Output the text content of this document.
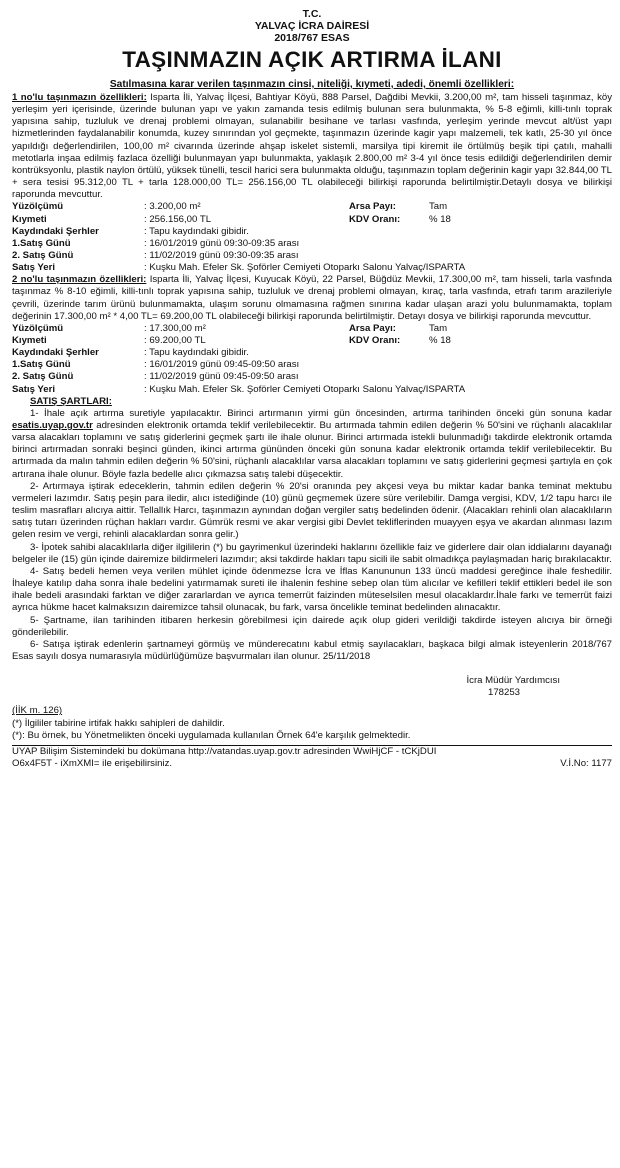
T.C.
YALVAÇ İCRA DAİRESİ
2018/767 ESAS
TAŞINMAZIN AÇIK ARTIRMA İLANI
Satılmasına karar verilen taşınmazın cinsi, niteliği, kıymeti, adedi, önemli özellikleri:

1 no'lu taşınmazın özellikleri: Isparta İli, Yalvaç İlçesi, Bahtiyar Köyü, 888 Parsel, Dağdibi Mevkii, 3.200,00 m², tam hisseli taşınmaz, köy yerleşim yeri içerisinde, üzerinde bulunan yapı ve yakın zamanda tesis edilmiş bulunan sera bulunmakta, % 5-8 eğimli, killi-tınlı toprak yapısına sahip, tuzluluk ve drenaj problemi olmayan, sulanabilir besihane ve tarlası vasfında, yerleşim yerinde mevcut alt/üst yapı hizmetlerinden faydalanabilir konumda, kuzey sınırından yol geçmekte, taşınmazın üzerinde kagir yapı malzemeli, tek katlı, 25-30 yıl önce yapıldığı değerlendirilen, 100,00 m² civarında üzerinde ahşap iskelet sistemli, marsilya tipi kiremit ile örtülmüş beşik tipi çatılı, mahalli metotlarla inşaa edilmiş fazlaca özelliği bulunmayan yapı bulunmakta, yaklaşık 2.800,00 m² 3-4 yıl önce tesis edildiği değerlendirilen demir kontrüksyonlu, plastik naylon örtülü, yüksek tünelli, tescil harici sera bulunmakta olduğu, taşınmazın toplam değerinin kagir yapı 32.844,00 TL + sera tesisi 95.312,00 TL + tarla 128.000,00 TL= 256.156,00 TL olabileceği bilirkişi raporunda belirtilmiştir.Detaylı dosya ve bilirkişi raporunda mevcuttur.

Yüzölçümü	: 3.200,00 m²	Arsa Payı:	Tam
Kıymeti	: 256.156,00 TL	KDV Oranı:	% 18
Kaydındaki Şerhler	: Tapu kaydındaki gibidir.
1.Satış Günü	: 16/01/2019 günü 09:30-09:35 arası
2. Satış Günü	: 11/02/2019 günü 09:30-09:35 arası
Satış Yeri	: Kuşku Mah. Efeler Sk. Şoförler Cemiyeti Otoparkı Salonu Yalvaç/ISPARTA

2 no'lu taşınmazın özellikleri: Isparta İli, Yalvaç İlçesi, Kuyucak Köyü, 22 Parsel, Büğdüz Mevkii, 17.300,00 m², tam hisseli, tarla vasfında taşınmaz % 8-10 eğimli, killi-tınlı toprak yapısına sahip, tuzluluk ve drenaj problemi olmayan, kıraç, tarla vasfında, etrafı tarım arazileriyle çevrili, üzerinde tarım ürünü bulunmamakta, ulaşım sorunu olmamasına rağmen sınırına kadar ulaşan arazi yolu bulunmamakta, toplam değerinin 17.300,00 m² * 4,00 TL= 69.200,00 TL olabileceği bilirkişi raporunda belirtilmiştir. Detayı dosya ve bilirkişi raporunda mevcuttur.

Yüzölçümü	: 17.300,00 m²	Arsa Payı:	Tam
Kıymeti	: 69.200,00 TL	KDV Oranı:	% 18
Kaydındaki Şerhler	: Tapu kaydındaki gibidir.
1.Satış Günü	: 16/01/2019 günü 09:45-09:50 arası
2. Satış Günü	: 11/02/2019 günü 09:45-09:50 arası
Satış Yeri	: Kuşku Mah. Efeler Sk. Şoförler Cemiyeti Otoparkı Salonu Yalvaç/ISPARTA
SATIŞ ŞARTLARI:

1- İhale açık artırma suretiyle yapılacaktır. Birinci artırmanın yirmi gün öncesinden, artırma tarihinden önceki gün sonuna kadar esatis.uyap.gov.tr adresinden elektronik ortamda teklif verilebilecektir. Bu artırmada tahmin edilen değerin % 50'sini ve rüçhanlı alacaklılar varsa alacakları toplamını ve satış giderlerini geçmek şartı ile ihale olunur. Birinci artırmada istekli bulunmadığı takdirde elektronik ortamda birinci artırmadan sonraki beşinci günden, ikinci artırma gününden önceki gün sonuna kadar elektronik ortamda teklif verilebilecektir. Bu artırmada da malın tahmin edilen değerin % 50'sini, rüçhanlı alacaklılar varsa alacakları toplamını ve satış giderlerini geçmesi şartıyla en çok artırana ihale olunur. Böyle fazla bedelle alıcı çıkmazsa satış talebi düşecektir.

2- Artırmaya iştirak edeceklerin, tahmin edilen değerin % 20'si oranında pey akçesi veya bu miktar kadar banka teminat mektubu vermeleri lazımdır. Satış peşin para iledir, alıcı istediğinde (10) günü geçmemek üzere süre verilebilir. Damga vergisi, KDV, 1/2 tapu harcı ile teslim masrafları alıcıya aittir. Tellallık Harcı, taşınmazın aynından doğan vergiler satış bedelinden ödenir. (Alacakları rehinli olan alacaklıların satış tutarı üzerinden rüçhan hakları vardır. Gümrük resmi ve akar vergisi gibi Devlet tekliflerinden muayyen eşya ve akardan alınması lazım gelen resim ve vergi, rehinli alacaklardan sonra gelir.)

3- İpotek sahibi alacaklılarla diğer ilgililerin (*) bu gayrimenkul üzerindeki haklarını özellikle faiz ve giderlere dair olan iddialarını dayanağı belgeler ile (15) gün içinde dairemize bildirmeleri lazımdır; aksi takdirde hakları tapu sicili ile sabit olmadıkça paylaşmadan hariç bırakılacaktır.

4- Satış bedeli hemen veya verilen mühlet içinde ödenmezse İcra ve İflas Kanununun 133 üncü maddesi gereğince ihale feshedilir. İhaleye katılıp daha sonra ihale bedelini yatırmamak sureti ile ihalenin feshine sebep olan tüm alıcılar ve kefilleri teklif ettikleri bedel ile son ihale bedeli arasındaki farktan ve diğer zararlardan ve ayrıca temerrüt faizinden müteselsilen mesul olacaklardır.İhale farkı ve temerrüt faizi ayrıca hükme hacet kalmaksızın dairemizce tahsil olunacak, bu fark, varsa öncelikle teminat bedelinden alınacaktır.

5- Şartname, ilan tarihinden itibaren herkesin görebilmesi için dairede açık olup gideri verildiği takdirde isteyen alıcıya bir örneği gönderilebilir.

6- Satışa iştirak edenlerin şartnameyi görmüş ve münderecatını kabul etmiş sayılacakları, başkaca bilgi almak isteyenlerin 2018/767 Esas sayılı dosya numarasıyla müdürlüğümüze başvurmaları ilan olunur. 25/11/2018

İcra Müdür Yardımcısı
178253
(İİK m. 126)
(*) İlgililer tabirine irtifak hakkı sahipleri de dahildir.
(*): Bu örnek, bu Yönetmelikten önceki uygulamada kullanılan Örnek 64'e karşılık gelmektedir.
UYAP Bilişim Sistemindeki bu dokümana http://vatandas.uyap.gov.tr adresinden WwiHjCF - tCKjDUI
O6x4F5T - iXmXMI= ile erişebilirsiniz.	V.İ.No: 1177
